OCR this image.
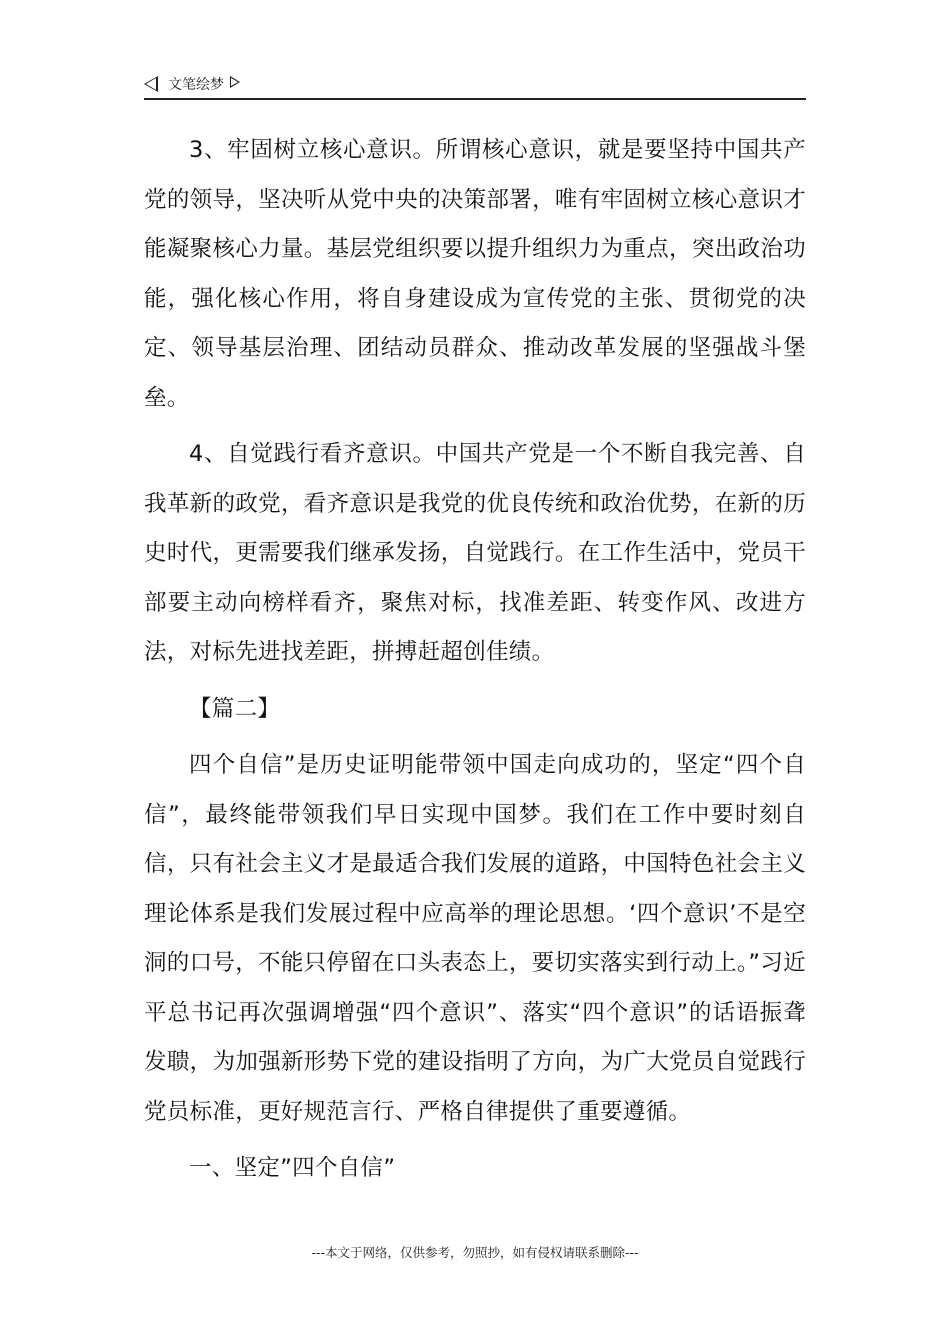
文笔绘梦

3、牢固树立核心意识。所谓核心意识，就是要坚持中国共产党的领导，坚决听从党中央的决策部署，唯有牢固树立核心意识才能凝聚核心力量。基层党组织要以提升组织力为重点，突出政治功能，强化核心作用，将自身建设成为宣传党的主张、贯彻党的决定、领导基层治理、团结动员群众、推动改革发展的坚强战斗堡垒。

4、自觉践行看齐意识。中国共产党是一个不断自我完善、自我革新的政党，看齐意识是我党的优良传统和政治优势，在新的历史时代，更需要我们继承发扬，自觉践行。在工作生活中，党员干部要主动向榜样看齐，聚焦对标，找准差距、转变作风、改进方法，对标先进找差距，拼搏赶超创佳绩。

【篇二】

四个自信”是历史证明能带领中国走向成功的，坚定“四个自信”，最终能带领我们早日实现中国梦。我们在工作中要时刻自信，只有社会主义才是最适合我们发展的道路，中国特色社会主义理论体系是我们发展过程中应高举的理论思想。‘四个意识’不是空洞的口号，不能只停留在口头表态上，要切实落实到行动上。”习近平总书记再次强调增强“四个意识”、落实“四个意识”的话语振聋发聩，为加强新形势下党的建设指明了方向，为广大党员自觉践行党员标准，更好规范言行、严格自律提供了重要遵循。

一、坚定”四个自信”

---本文于网络，仅供参考，勿照抄，如有侵权请联系删除---
